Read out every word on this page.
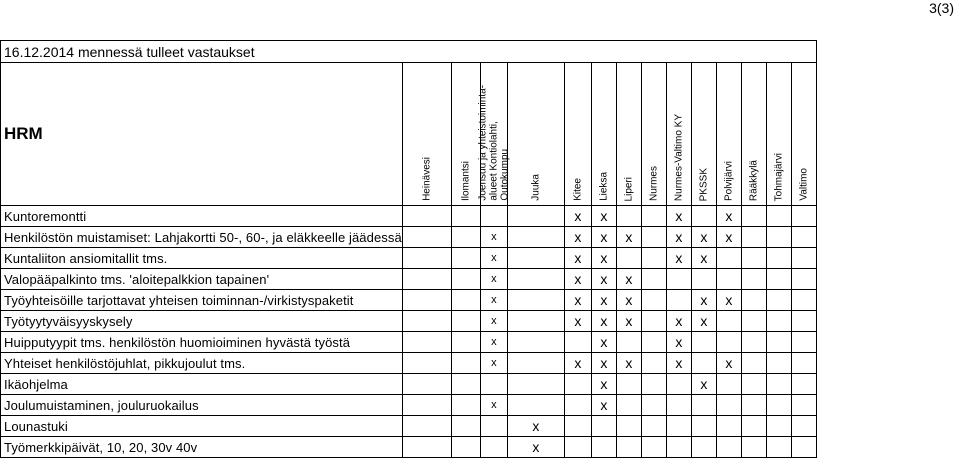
3(3)
16.12.2014 mennessä tulleet vastaukset														
HRM	Heinävesi	Ilomantsi	Joensuu ja yhteistoiminta-
alueet Kontiolahti,
Outokumpu	Juuka	Kitee	Lieksa	Liperi	Nurmes	Nurmes-Valtimo KY	PKSSK	Polvijärvi	Rääkkylä	Tohmajärvi	Valtimo

Kuntoremontti					x	x			x		x			
Henkilöstön muistamiset: Lahjakortti 50-, 60-, ja eläkkeelle jäädessä			x		x	x	x		x	x	x			
Kuntaliiton ansiomitallit tms.			x		x	x			x	x				
Valopääpalkinto tms. 'aloitepalkkion tapainen'			x		x	x	x							
Työyhteisöille tarjottavat yhteisen toiminnan-/virkistyspaketit			x		x	x	x			x	x			
Työtyytyväisyyskysely			x		x	x	x		x	x				
Huipputyypit tms. henkilöstön huomioiminen hyvästä työstä			x			x			x					
Yhteiset henkilöstöjuhlat, pikkujoulut tms.			x		x	x	x		x		x			
Ikäohjelma						x				x				
Joulumuistaminen, jouluruokailus			x			x								
Lounastuki				x										
Työmerkkipäivät, 10, 20, 30v 40v				x										
